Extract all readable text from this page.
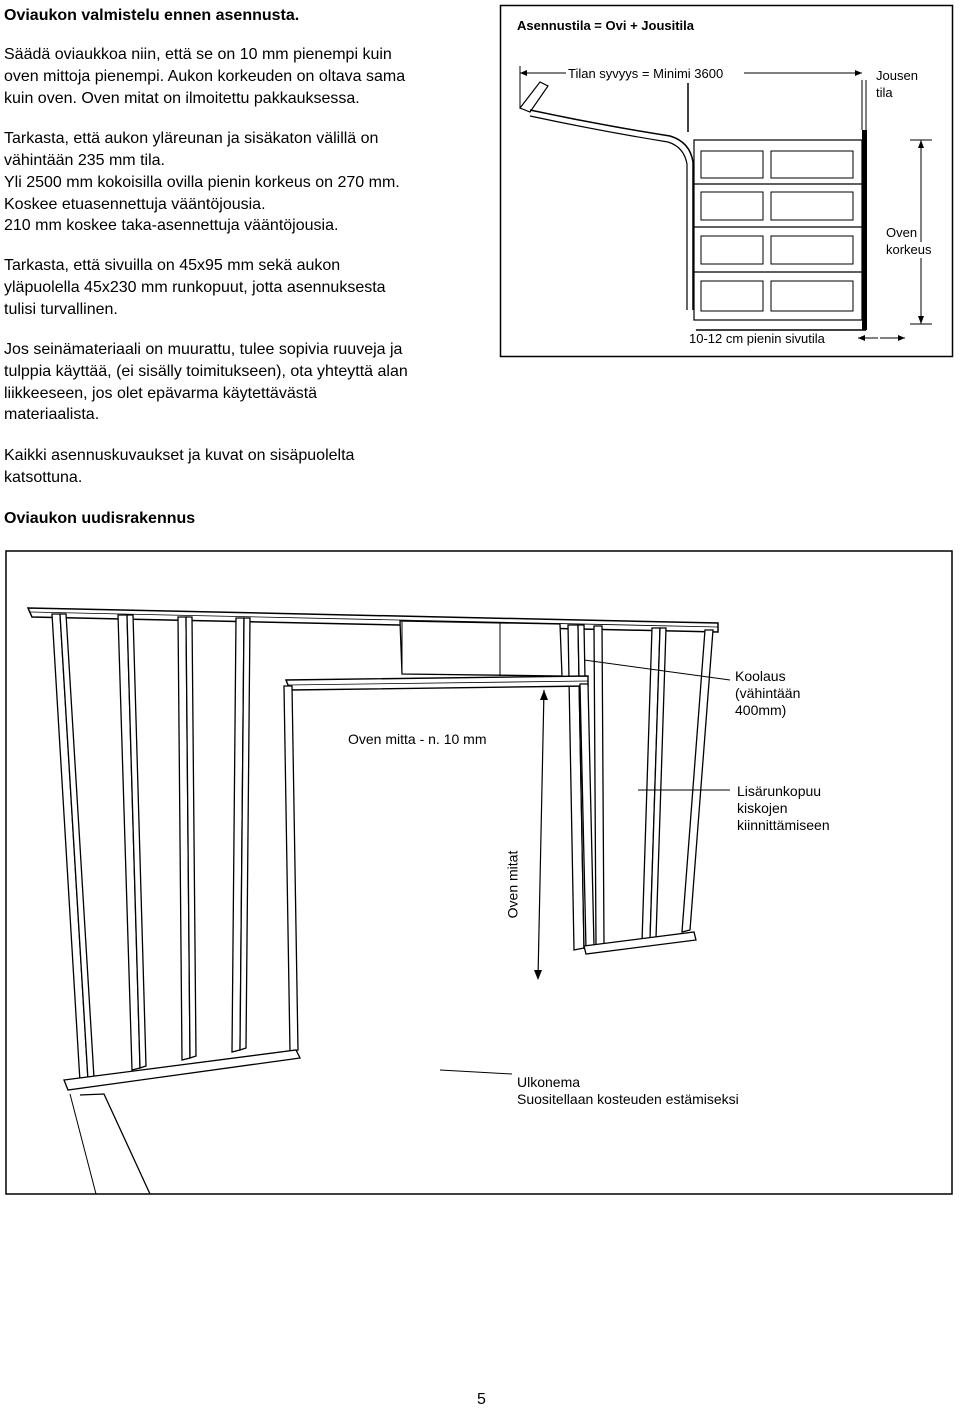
Oviaukon valmistelu ennen asennusta.
Säädä oviaukkoa niin, että se on 10 mm pienempi kuin
oven mittoja pienempi. Aukon korkeuden on oltava sama
kuin oven. Oven mitat on ilmoitettu pakkauksessa.
Tarkasta, että aukon yläreunan ja sisäkaton välillä on
vähintään 235 mm tila.
Yli 2500 mm kokoisilla ovilla pienin korkeus on 270 mm.
Koskee etuasennettuja vääntöjousia.
210 mm koskee taka-asennettuja vääntöjousia.
Tarkasta, että sivuilla on 45x95 mm sekä aukon
yläpuolella 45x230 mm runkopuut, jotta asennuksesta
tulisi turvallinen.
Jos seinämateriaali on muurattu, tulee sopivia ruuveja ja
tulppia käyttää, (ei sisälly toimitukseen), ota yhteyttä alan
liikkeeseen, jos olet epävarma käytettävästä
materiaalista.
Kaikki asennuskuvaukset ja kuvat on sisäpuolelta
katsottuna.
Oviaukon uudisrakennus
Asennustila = Ovi + Jousitila
Tilan syvyys = Minimi 3600	Jousen
tila
Oven
korkeus
10-12 cm pienin sivutila
Koolaus
(vähintään
400mm)
Oven mitta - n. 10 mm
Lisärunkopuu
kiskojen
kiinnittämiseen
Oven mitat
Ulkonema
Suositellaan kosteuden estämiseksi
5
